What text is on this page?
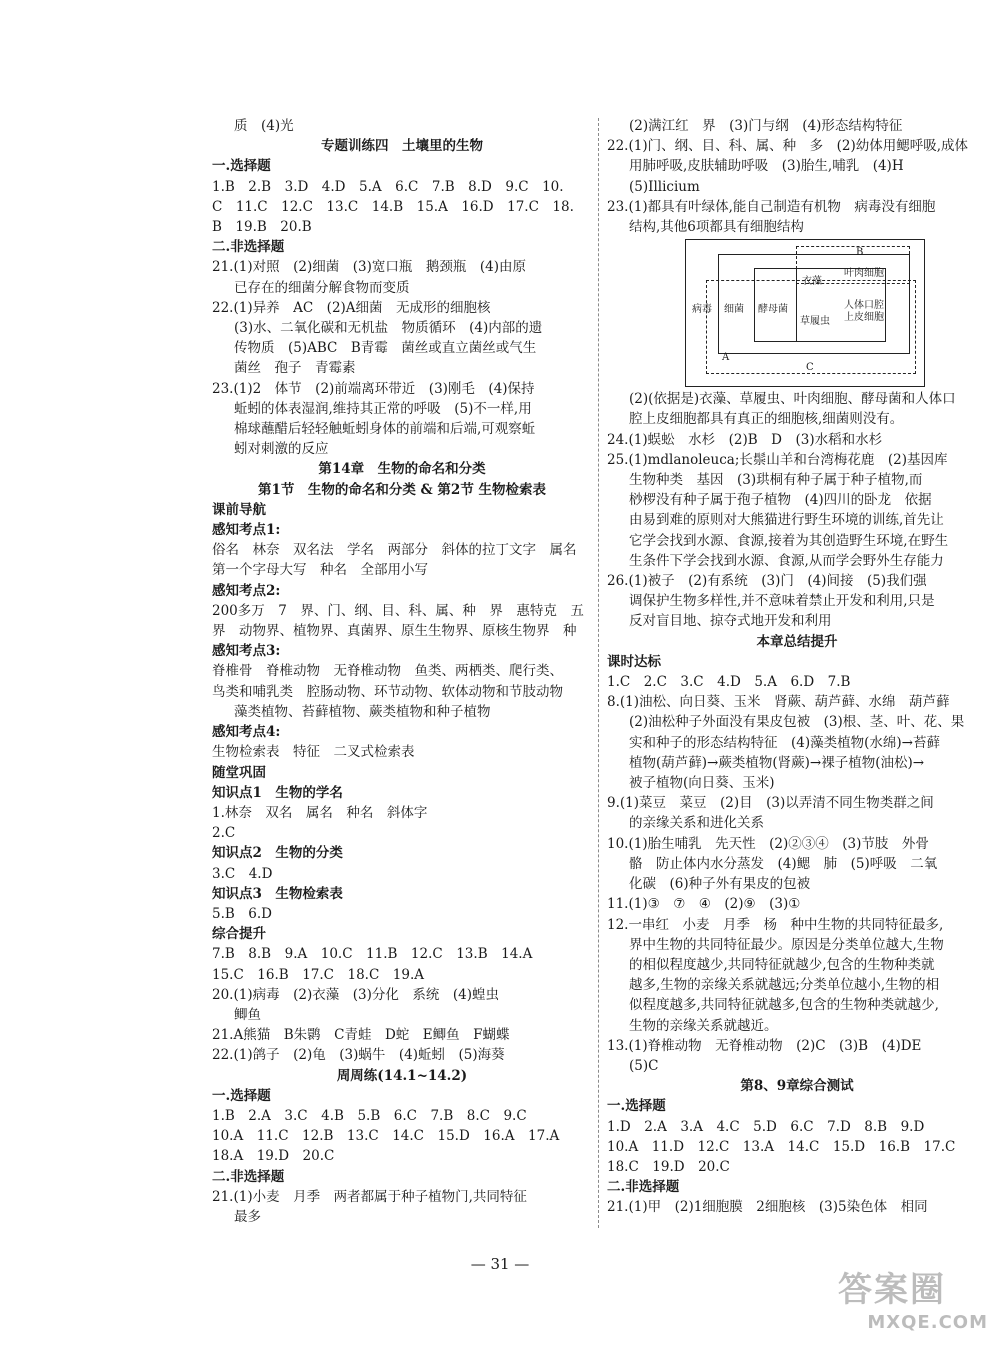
质　(4)光
专题训练四　土壤里的生物
一.选择题
1.B　2.B　3.D　4.D　5.A　6.C　7.B　8.D　9.C　10.
C　11.C　12.C　13.C　14.B　15.A　16.D　17.C　18.
B　19.B　20.B
二.非选择题
21.(1)对照　(2)细菌　(3)宽口瓶　鹅颈瓶　(4)由原
已存在的细菌分解食物而变质
22.(1)异养　AC　(2)A细菌　无成形的细胞核
(3)水、二氧化碳和无机盐　物质循环　(4)内部的遗
传物质　(5)ABC　B青霉　菌丝或直立菌丝或气生
菌丝　孢子　青霉素
23.(1)2　体节　(2)前端离环带近　(3)刚毛　(4)保持
蚯蚓的体表湿润,维持其正常的呼吸　(5)不一样,用
棉球蘸醋后轻轻触蚯蚓身体的前端和后端,可观察蚯
蚓对刺激的反应
第14章　生物的命名和分类
第1节　生物的命名和分类 & 第2节 生物检索表
课前导航
感知考点1:
俗名　林奈　双名法　学名　两部分　斜体的拉丁文字　属名
第一个字母大写　种名　全部用小写
感知考点2:
200多万　7　界、门、纲、目、科、属、种　界　惠特克　五
界　动物界、植物界、真菌界、原生生物界、原核生物界　种
感知考点3:
脊椎骨　脊椎动物　无脊椎动物　鱼类、两栖类、爬行类、
鸟类和哺乳类　腔肠动物、环节动物、软体动物和节肢动物
藻类植物、苔藓植物、蕨类植物和种子植物
感知考点4:
生物检索表　特征　二叉式检索表
随堂巩固
知识点1　生物的学名
1.林奈　双名　属名　种名　斜体字
2.C
知识点2　生物的分类
3.C　4.D
知识点3　生物检索表
5.B　6.D
综合提升
7.B　8.B　9.A　10.C　11.B　12.C　13.B　14.A
15.C　16.B　17.C　18.C　19.A
20.(1)病毒　(2)衣藻　(3)分化　系统　(4)蝗虫
鲫鱼
21.A熊猫　B朱鹮　C青蛙　D蛇　E鲫鱼　F蝴蝶
22.(1)鸽子　(2)龟　(3)蜗牛　(4)蚯蚓　(5)海葵
周周练(14.1~14.2)
一.选择题
1.B　2.A　3.C　4.B　5.B　6.C　7.B　8.C　9.C
10.A　11.C　12.B　13.C　14.C　15.D　16.A　17.A
18.A　19.D　20.C
二.非选择题
21.(1)小麦　月季　两者都属于种子植物门,共同特征
最多
(2)满江红　界　(3)门与纲　(4)形态结构特征
22.(1)门、纲、目、科、属、种　多　(2)幼体用鳃呼吸,成体
用肺呼吸,皮肤辅助呼吸　(3)胎生,哺乳　(4)H
(5)Illicium
23.(1)都具有叶绿体,能自己制造有机物　病毒没有细胞
结构,其他6项都具有细胞结构
病毒
A
细菌 酵母菌
衣藻
草履虫
B
叶肉细胞
人体口腔上皮细胞
C
(2)(依据是)衣藻、草履虫、叶肉细胞、酵母菌和人体口
腔上皮细胞都具有真正的细胞核,细菌则没有。
24.(1)蜈蚣　水杉　(2)B　D　(3)水稻和水杉
25.(1)mdlanoleuca;长鬃山羊和台湾梅花鹿　(2)基因库
生物种类　基因　(3)珙桐有种子属于种子植物,而
桫椤没有种子属于孢子植物　(4)四川的卧龙　依据
由易到难的原则对大熊猫进行野生环境的训练,首先让
它学会找到水源、食源,接着为其创造野生环境,在野生
生条件下学会找到水源、食源,从而学会野外生存能力
26.(1)被子　(2)有系统　(3)门　(4)间接　(5)我们强
调保护生物多样性,并不意味着禁止开发和利用,只是
反对盲目地、掠夺式地开发和利用
本章总结提升
课时达标
1.C　2.C　3.C　4.D　5.A　6.D　7.B
8.(1)油松、向日葵、玉米　肾蕨、葫芦藓、水绵　葫芦藓
(2)油松种子外面没有果皮包被　(3)根、茎、叶、花、果
实和种子的形态结构特征　(4)藻类植物(水绵)→苔藓
植物(葫芦藓)→蕨类植物(肾蕨)→裸子植物(油松)→
被子植物(向日葵、玉米)
9.(1)菜豆　菜豆　(2)目　(3)以弄清不同生物类群之间
的亲缘关系和进化关系
10.(1)胎生哺乳　先天性　(2)②③④　(3)节肢　外骨
骼　防止体内水分蒸发　(4)鳃　肺　(5)呼吸　二氧
化碳　(6)种子外有果皮的包被
11.(1)③　⑦　④　(2)⑨　(3)①
12.一串红　小麦　月季　杨　种中生物的共同特征最多,
界中生物的共同特征最少。原因是分类单位越大,生物
的相似程度越少,共同特征就越少,包含的生物种类就
越多,生物的亲缘关系就越远;分类单位越小,生物的相
似程度越多,共同特征就越多,包含的生物种类就越少,
生物的亲缘关系就越近。
13.(1)脊椎动物　无脊椎动物　(2)C　(3)B　(4)DE
(5)C
第8、9章综合测试
一.选择题
1.D　2.A　3.A　4.C　5.D　6.C　7.D　8.B　9.D
10.A　11.D　12.C　13.A　14.C　15.D　16.B　17.C
18.C　19.D　20.C
二.非选择题
21.(1)甲　(2)1细胞膜　2细胞核　(3)5染色体　相同
— 31 —
答案圈
MXQE.COM
